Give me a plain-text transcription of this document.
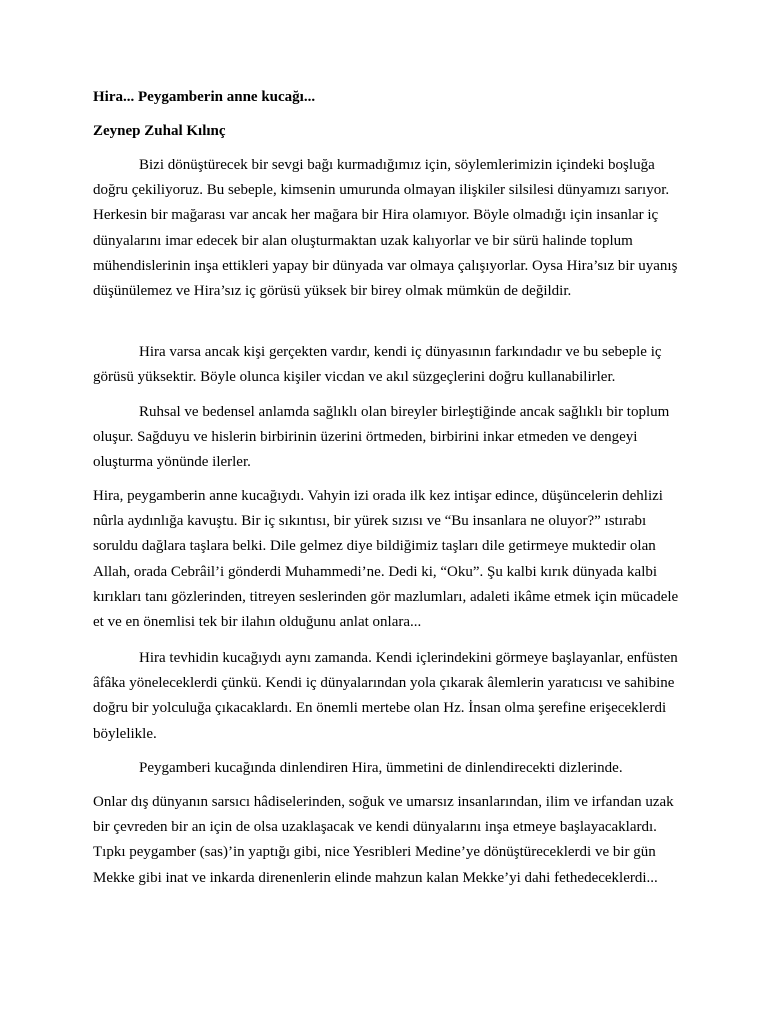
Hira... Peygamberin anne kucağı...

Zeynep Zuhal Kılınç

Bizi dönüştürecek bir sevgi bağı kurmadığımız için, söylemlerimizin içindeki boşluğa doğru çekiliyoruz. Bu sebeple, kimsenin umurunda olmayan ilişkiler silsilesi dünyamızı sarıyor. Herkesin bir mağarası var ancak her mağara bir Hira olamıyor. Böyle olmadığı için insanlar iç dünyalarını imar edecek bir alan oluşturmaktan uzak kalıyorlar ve bir sürü halinde toplum mühendislerinin inşa ettikleri yapay bir dünyada var olmaya çalışıyorlar. Oysa Hira’sız bir uyanış düşünülemez ve Hira’sız iç görüsü yüksek bir birey olmak mümkün de değildir.

Hira varsa ancak kişi gerçekten vardır, kendi iç dünyasının farkındadır ve bu sebeple iç görüsü yüksektir. Böyle olunca kişiler vicdan ve akıl süzgeçlerini doğru kullanabilirler.

Ruhsal ve bedensel anlamda sağlıklı olan bireyler birleştiğinde ancak sağlıklı bir toplum oluşur. Sağduyu ve hislerin birbirinin üzerini örtmeden, birbirini inkar etmeden ve dengeyi oluşturma yönünde ilerler.

Hira, peygamberin anne kucağıydı. Vahyin izi orada ilk kez intişar edince, düşüncelerin dehlizi nûrla aydınlığa kavuştu. Bir iç sıkıntısı, bir yürek sızısı ve “Bu insanlara ne oluyor?” ıstırabı soruldu dağlara taşlara belki. Dile gelmez diye bildiğimiz taşları dile getirmeye muktedir olan Allah, orada Cebrâil’i gönderdi Muhammedi’ne. Dedi ki, “Oku”. Şu kalbi kırık dünyada kalbi kırıkları tanı gözlerinden, titreyen seslerinden gör mazlumları, adaleti ikâme etmek için mücadele et ve en önemlisi tek bir ilahın olduğunu anlat onlara...

Hira tevhidin kucağıydı aynı zamanda. Kendi içlerindekini görmeye başlayanlar, enfüsten âfâka yöneleceklerdi çünkü. Kendi iç dünyalarından yola çıkarak âlemlerin yaratıcısı ve sahibine doğru bir yolculuğa çıkacaklardı. En önemli mertebe olan Hz. İnsan olma şerefine erişeceklerdi böylelikle.

Peygamberi kucağında dinlendiren Hira, ümmetini de dinlendirecekti dizlerinde.

Onlar dış dünyanın sarsıcı hâdiselerinden, soğuk ve umarsız insanlarından, ilim ve irfandan uzak bir çevreden bir an için de olsa uzaklaşacak ve kendi dünyalarını inşa etmeye başlayacaklardı. Tıpkı peygamber (sas)’in yaptığı gibi, nice Yesribleri Medine’ye dönüştüreceklerdi ve bir gün Mekke gibi inat ve inkarda direnenlerin elinde mahzun kalan Mekke’yi dahi fethedeceklerdi...
